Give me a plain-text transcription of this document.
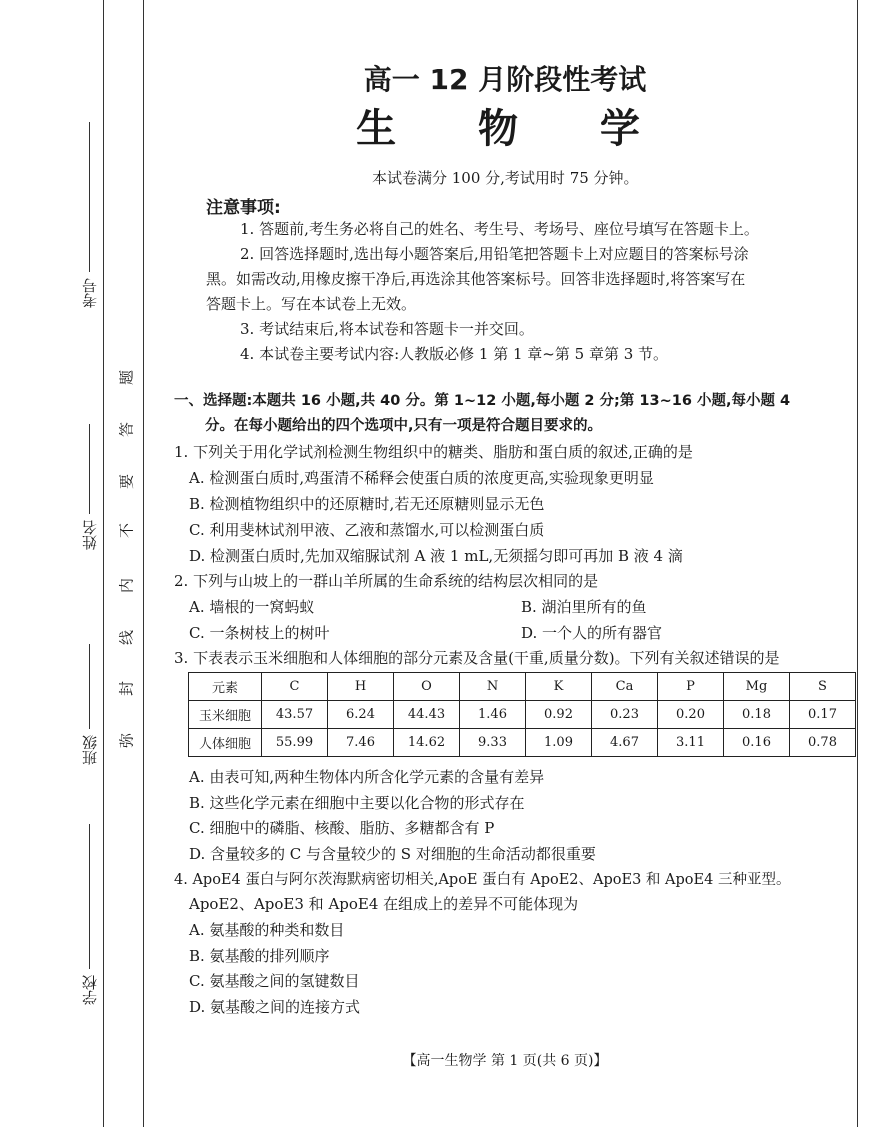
考号
姓名
班级
学校
题
答
要
不
内
线
封
弥
高一 12 月阶段性考试
生 物 学
本试卷满分 100 分,考试用时 75 分钟。
注意事项:
1. 答题前,考生务必将自己的姓名、考生号、考场号、座位号填写在答题卡上。
2. 回答选择题时,选出每小题答案后,用铅笔把答题卡上对应题目的答案标号涂
黑。如需改动,用橡皮擦干净后,再选涂其他答案标号。回答非选择题时,将答案写在
答题卡上。写在本试卷上无效。
3. 考试结束后,将本试卷和答题卡一并交回。
4. 本试卷主要考试内容:人教版必修 1 第 1 章~第 5 章第 3 节。
一、选择题:本题共 16 小题,共 40 分。第 1~12 小题,每小题 2 分;第 13~16 小题,每小题 4
分。在每小题给出的四个选项中,只有一项是符合题目要求的。
1. 下列关于用化学试剂检测生物组织中的糖类、脂肪和蛋白质的叙述,正确的是
A. 检测蛋白质时,鸡蛋清不稀释会使蛋白质的浓度更高,实验现象更明显
B. 检测植物组织中的还原糖时,若无还原糖则显示无色
C. 利用斐林试剂甲液、乙液和蒸馏水,可以检测蛋白质
D. 检测蛋白质时,先加双缩脲试剂 A 液 1 mL,无须摇匀即可再加 B 液 4 滴
2. 下列与山坡上的一群山羊所属的生命系统的结构层次相同的是
A. 墙根的一窝蚂蚁	B. 湖泊里所有的鱼
C. 一条树枝上的树叶	D. 一个人的所有器官
3. 下表表示玉米细胞和人体细胞的部分元素及含量(干重,质量分数)。下列有关叙述错误的是
元素	C	H	O	N	K	Ca	P	Mg	S
玉米细胞	43.57	6.24	44.43	1.46	0.92	0.23	0.20	0.18	0.17
人体细胞	55.99	7.46	14.62	9.33	1.09	4.67	3.11	0.16	0.78
A. 由表可知,两种生物体内所含化学元素的含量有差异
B. 这些化学元素在细胞中主要以化合物的形式存在
C. 细胞中的磷脂、核酸、脂肪、多糖都含有 P
D. 含量较多的 C 与含量较少的 S 对细胞的生命活动都很重要
4. ApoE4 蛋白与阿尔茨海默病密切相关,ApoE 蛋白有 ApoE2、ApoE3 和 ApoE4 三种亚型。
ApoE2、ApoE3 和 ApoE4 在组成上的差异不可能体现为
A. 氨基酸的种类和数目
B. 氨基酸的排列顺序
C. 氨基酸之间的氢键数目
D. 氨基酸之间的连接方式
【高一生物学 第 1 页(共 6 页)】
